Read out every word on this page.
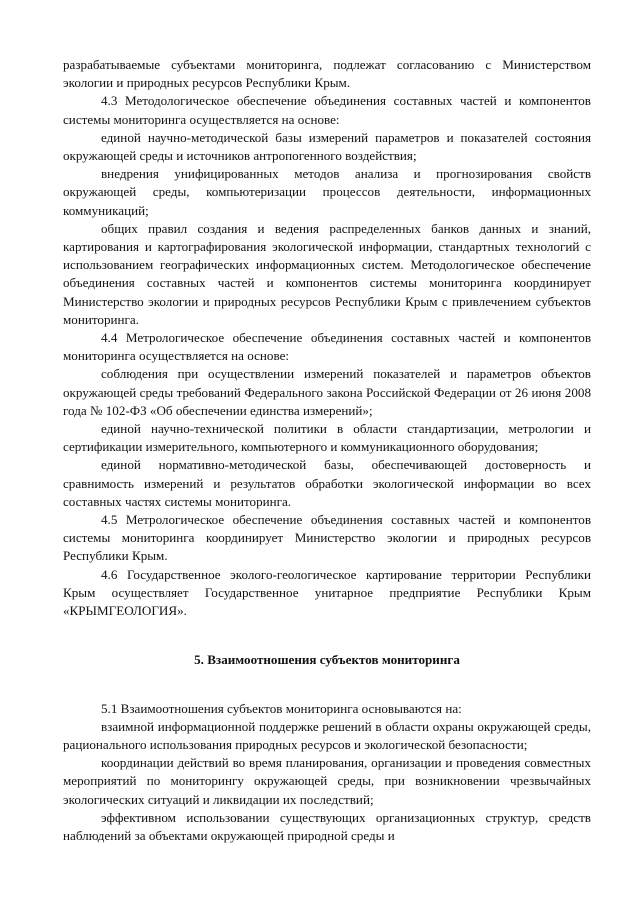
разрабатываемые субъектами мониторинга, подлежат согласованию с Министерством экологии и природных ресурсов Республики Крым.

4.3 Методологическое обеспечение объединения составных частей и компонентов системы мониторинга осуществляется на основе:

единой научно-методической базы измерений параметров и показателей состояния окружающей среды и источников антропогенного воздействия;

внедрения унифицированных методов анализа и прогнозирования свойств окружающей среды, компьютеризации процессов деятельности, информационных коммуникаций;

общих правил создания и ведения распределенных банков данных и знаний, картирования и картографирования экологической информации, стандартных технологий с использованием географических информационных систем. Методологическое обеспечение объединения составных частей и компонентов системы мониторинга координирует Министерство экологии и природных ресурсов Республики Крым с привлечением субъектов мониторинга.

4.4 Метрологическое обеспечение объединения составных частей и компонентов мониторинга осуществляется на основе:

соблюдения при осуществлении измерений показателей и параметров объектов окружающей среды требований Федерального закона Российской Федерации от 26 июня 2008 года № 102-ФЗ «Об обеспечении единства измерений»;

единой научно-технической политики в области стандартизации, метрологии и сертификации измерительного, компьютерного и коммуникационного оборудования;

единой нормативно-методической базы, обеспечивающей достоверность и сравнимость измерений и результатов обработки экологической информации во всех составных частях системы мониторинга.

4.5 Метрологическое обеспечение объединения составных частей и компонентов системы мониторинга координирует Министерство экологии и природных ресурсов Республики Крым.

4.6 Государственное эколого-геологическое картирование территории Республики Крым осуществляет Государственное унитарное предприятие Республики Крым «КРЫМГЕОЛОГИЯ».

5. Взаимоотношения субъектов мониторинга

5.1 Взаимоотношения субъектов мониторинга основываются на:

взаимной информационной поддержке решений в области охраны окружающей среды, рационального использования природных ресурсов и экологической безопасности;

координации действий во время планирования, организации и проведения совместных мероприятий по мониторингу окружающей среды, при возникновении чрезвычайных экологических ситуаций и ликвидации их последствий;

эффективном использовании существующих организационных структур, средств наблюдений за объектами окружающей природной среды и
